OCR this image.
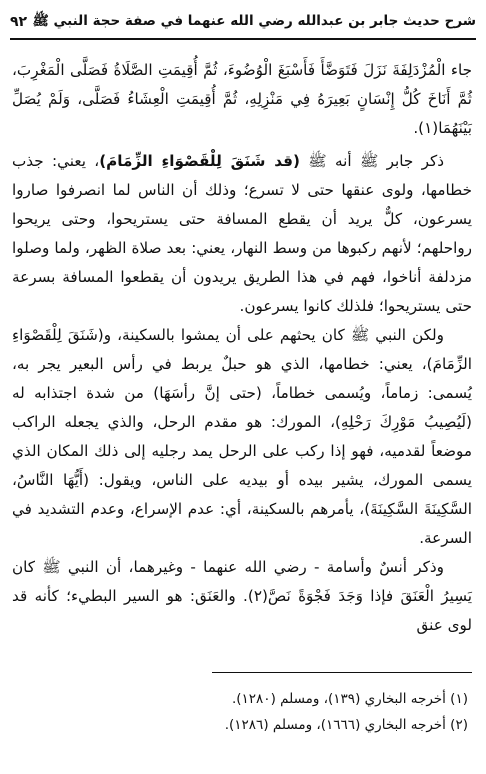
شرح حديث جابر بن عبدالله رضي الله عنهما في صفة حجة النبي ﷺ
٩٢

جاء الْمُزْدَلِفَةَ نَزَلَ فَتَوَضَّأَ فَأَسْبَغَ الْوُضُوءَ، ثُمَّ أُقِيمَتِ الصَّلَاةُ فَصَلَّى الْمَغْرِبَ، ثُمَّ أَنَاخَ كُلُّ إِنْسَانٍ بَعِيرَهُ فِي مَنْزِلِهِ، ثُمَّ أُقِيمَتِ الْعِشَاءُ فَصَلَّى، وَلَمْ يُصَلِّ بَيْنَهُمَا(١).

ذكر جابر ﷺ أنه ﷺ (قد شَنَقَ لِلْقَصْوَاءِ الزِّمَامَ)، يعني: جذب خطامها، ولوى عنقها حتى لا تسرع؛ وذلك أن الناس لما انصرفوا صاروا يسرعون، كلٌّ يريد أن يقطع المسافة حتى يستريحوا، وحتى يريحوا رواحلهم؛ لأنهم ركبوها من وسط النهار، يعني: بعد صلاة الظهر، ولما وصلوا مزدلفة أناخوا، فهم في هذا الطريق يريدون أن يقطعوا المسافة بسرعة حتى يستريحوا؛ فلذلك كانوا يسرعون.

ولكن النبي ﷺ كان يحثهم على أن يمشوا بالسكينة، و(شَنَقَ لِلْقَصْوَاءِ الزِّمَامَ)، يعني: خطامها، الذي هو حبلٌ يربط في رأس البعير يجر به، يُسمى: زماماً، ويُسمى خطاماً، (حتى إنَّ رأسَهَا) من شدة اجتذابه له (لَيُصِيبُ مَوْرِكَ رَحْلِهِ)، المورك: هو مقدم الرحل، والذي يجعله الراكب موضعاً لقدميه، فهو إذا ركب على الرحل يمد رجليه إلى ذلك المكان الذي يسمى المورك، يشير بيده أو بيديه على الناس، ويقول: (أَيُّهَا النَّاسُ، السَّكِينَةَ السَّكِينَةَ)، يأمرهم بالسكينة، أي: عدم الإسراع، وعدم التشديد في السرعة.

وذكر أنسٌ وأسامة - رضي الله عنهما - وغيرهما، أن النبي ﷺ كان يَسِيرُ الْعَنَقَ فإذا وَجَدَ فَجْوَةً نَصَّ(٢). والعَنَق: هو السير البطيء؛ كأنه قد لوى عنق

(١) أخرجه البخاري (١٣٩)، ومسلم (١٢٨٠).

(٢) أخرجه البخاري (١٦٦٦)، ومسلم (١٢٨٦).
